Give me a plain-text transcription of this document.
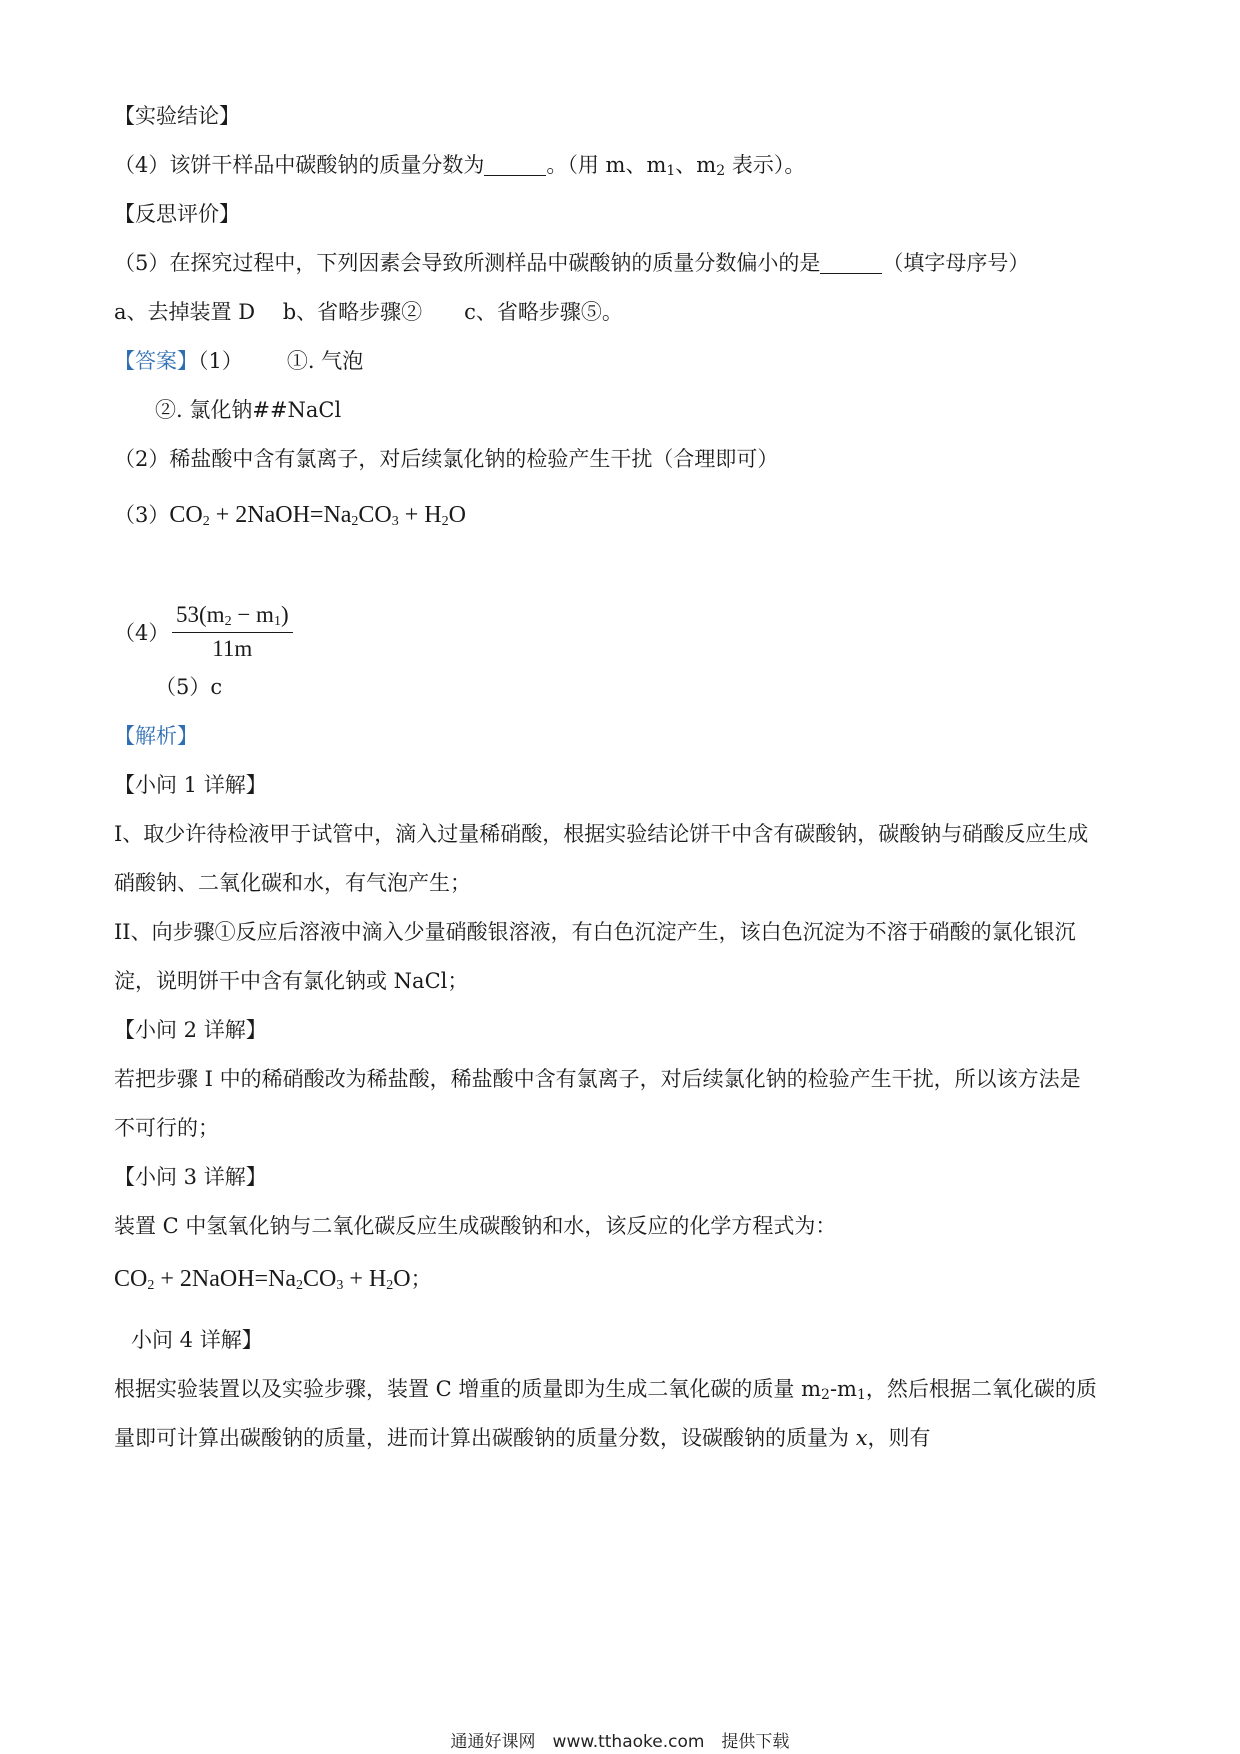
【实验结论】
（4）该饼干样品中碳酸钠的质量分数为	。（用 m、$m_1$、$m_2$ 表示）。
【反思评价】
（5）在探究过程中，下列因素会导致所测样品中碳酸钠的质量分数偏小的是	（填字母序号）
a、去掉装置 D　 b、省略步骤②　　c、省略步骤⑤。
【答案】（1） ①. 气泡
②. 氯化钠##NaCl
（2）稀盐酸中含有氯离子，对后续氯化钠的检验产生干扰（合理即可）
$(3)CO_2$ + $2NaOH=Na_2CO_3 + H_2O$
$(4) \frac{53(m_2 - m_1)}{11m}$
（5）c
【解析】
【小问 1 详解】
I、取少许待检液甲于试管中，滴入过量稀硝酸，根据实验结论饼干中含有碳酸钠，碳酸钠与硝酸反应生成
硝酸钠、二氧化碳和水，有气泡产生；
II、向步骤①反应后溶液中滴入少量硝酸银溶液，有白色沉淀产生，该白色沉淀为不溶于硝酸的氯化银沉
淀，说明饼干中含有氯化钠或 NaCl；
【小问 2 详解】
若把步骤 I 中的稀硝酸改为稀盐酸，稀盐酸中含有氯离子，对后续氯化钠的检验产生干扰，所以该方法是
不可行的；
【小问 3 详解】
装置 C 中氢氧化钠与二氧化碳反应生成碳酸钠和水，该反应的化学方程式为：
$CO_2$ + $2NaOH=Na_2CO_3 + H_2O$；
小问 4 详解】
根据实验装置以及实验步骤，装置 C 增重的质量即为生成二氧化碳的质量 $m_2-m_1$，然后根据二氧化碳的质
量即可计算出碳酸钠的质量，进而计算出碳酸钠的质量分数，设碳酸钠的质量为 x，则有
通通好课网　www.tthaoke.com　提供下载
